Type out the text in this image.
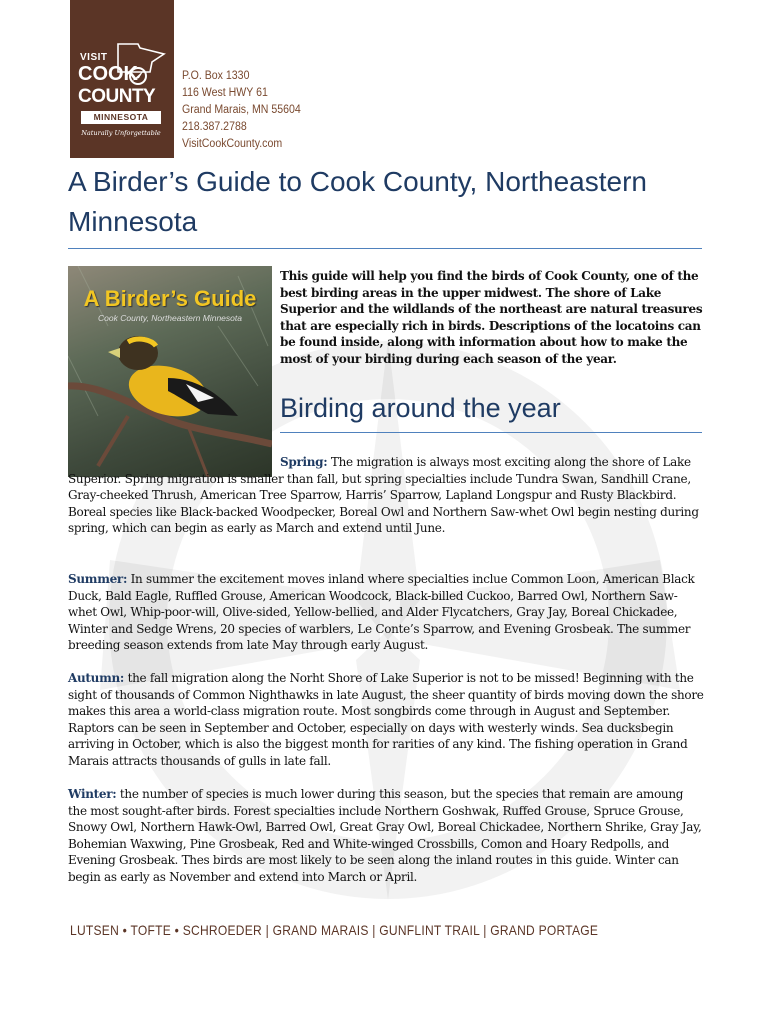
VISIT
COOK
COUNTY
MINNESOTA
Naturally Unforgettable
P.O. Box 1330
116 West HWY 61
Grand Marais, MN 55604
218.387.2788
VisitCookCounty.com
A Birder’s Guide to Cook County, Northeastern Minnesota
A Birder’s Guide
Cook County, Northeastern Minnesota
This guide will help you find the birds of Cook County, one of the best birding areas in the upper midwest. The shore of Lake Superior and the wildlands of the northeast are natural treasures that are especially rich in birds. Descriptions of the locatoins can be found inside, along with information about how to make the most of your birding during each season of the year.
Birding around the year
Spring: The migration is always most exciting along the shore of Lake Superior. Spring migration is smaller than fall, but spring specialties include Tundra Swan, Sandhill Crane, Gray-cheeked Thrush, American Tree Sparrow, Harris’ Sparrow, Lapland Longspur and Rusty Blackbird. Boreal species like Black-backed Woodpecker, Boreal Owl and Northern Saw-whet Owl begin nesting during spring, which can begin as early as March and extend until June.
Summer: In summer the excitement moves inland where specialties inclue Common Loon, American Black Duck, Bald Eagle, Ruffled Grouse, American Woodcock, Black-billed Cuckoo, Barred Owl, Northern Saw-whet Owl, Whip-poor-will, Olive-sided, Yellow-bellied, and Alder Flycatchers, Gray Jay, Boreal Chickadee, Winter and Sedge Wrens, 20 species of warblers, Le Conte’s Sparrow, and Evening Grosbeak. The summer breeding season extends from late May through early August.
Autumn: the fall migration along the Norht Shore of Lake Superior is not to be missed! Beginning with the sight of thousands of Common Nighthawks in late August, the sheer quantity of birds moving down the shore makes this area a world-class migration route. Most songbirds come through in August and September. Raptors can be seen in September and October, especially on days with westerly winds. Sea ducksbegin arriving in October, which is also the biggest month for rarities of any kind. The fishing operation in Grand Marais attracts thousands of gulls in late fall.
Winter: the number of species is much lower during this season, but the species that remain are amoung the most sought-after birds. Forest specialties include Northern Goshwak, Ruffed Grouse, Spruce Grouse, Snowy Owl, Northern Hawk-Owl, Barred Owl, Great Gray Owl, Boreal Chickadee, Northern Shrike, Gray Jay, Bohemian Waxwing, Pine Grosbeak, Red and White-winged Crossbills, Comon and Hoary Redpolls, and Evening Grosbeak. Thes birds are most likely to be seen along the inland routes in this guide. Winter can begin as early as November and extend into March or April.
LUTSEN • TOFTE • SCHROEDER | GRAND MARAIS | GUNFLINT TRAIL | GRAND PORTAGE
